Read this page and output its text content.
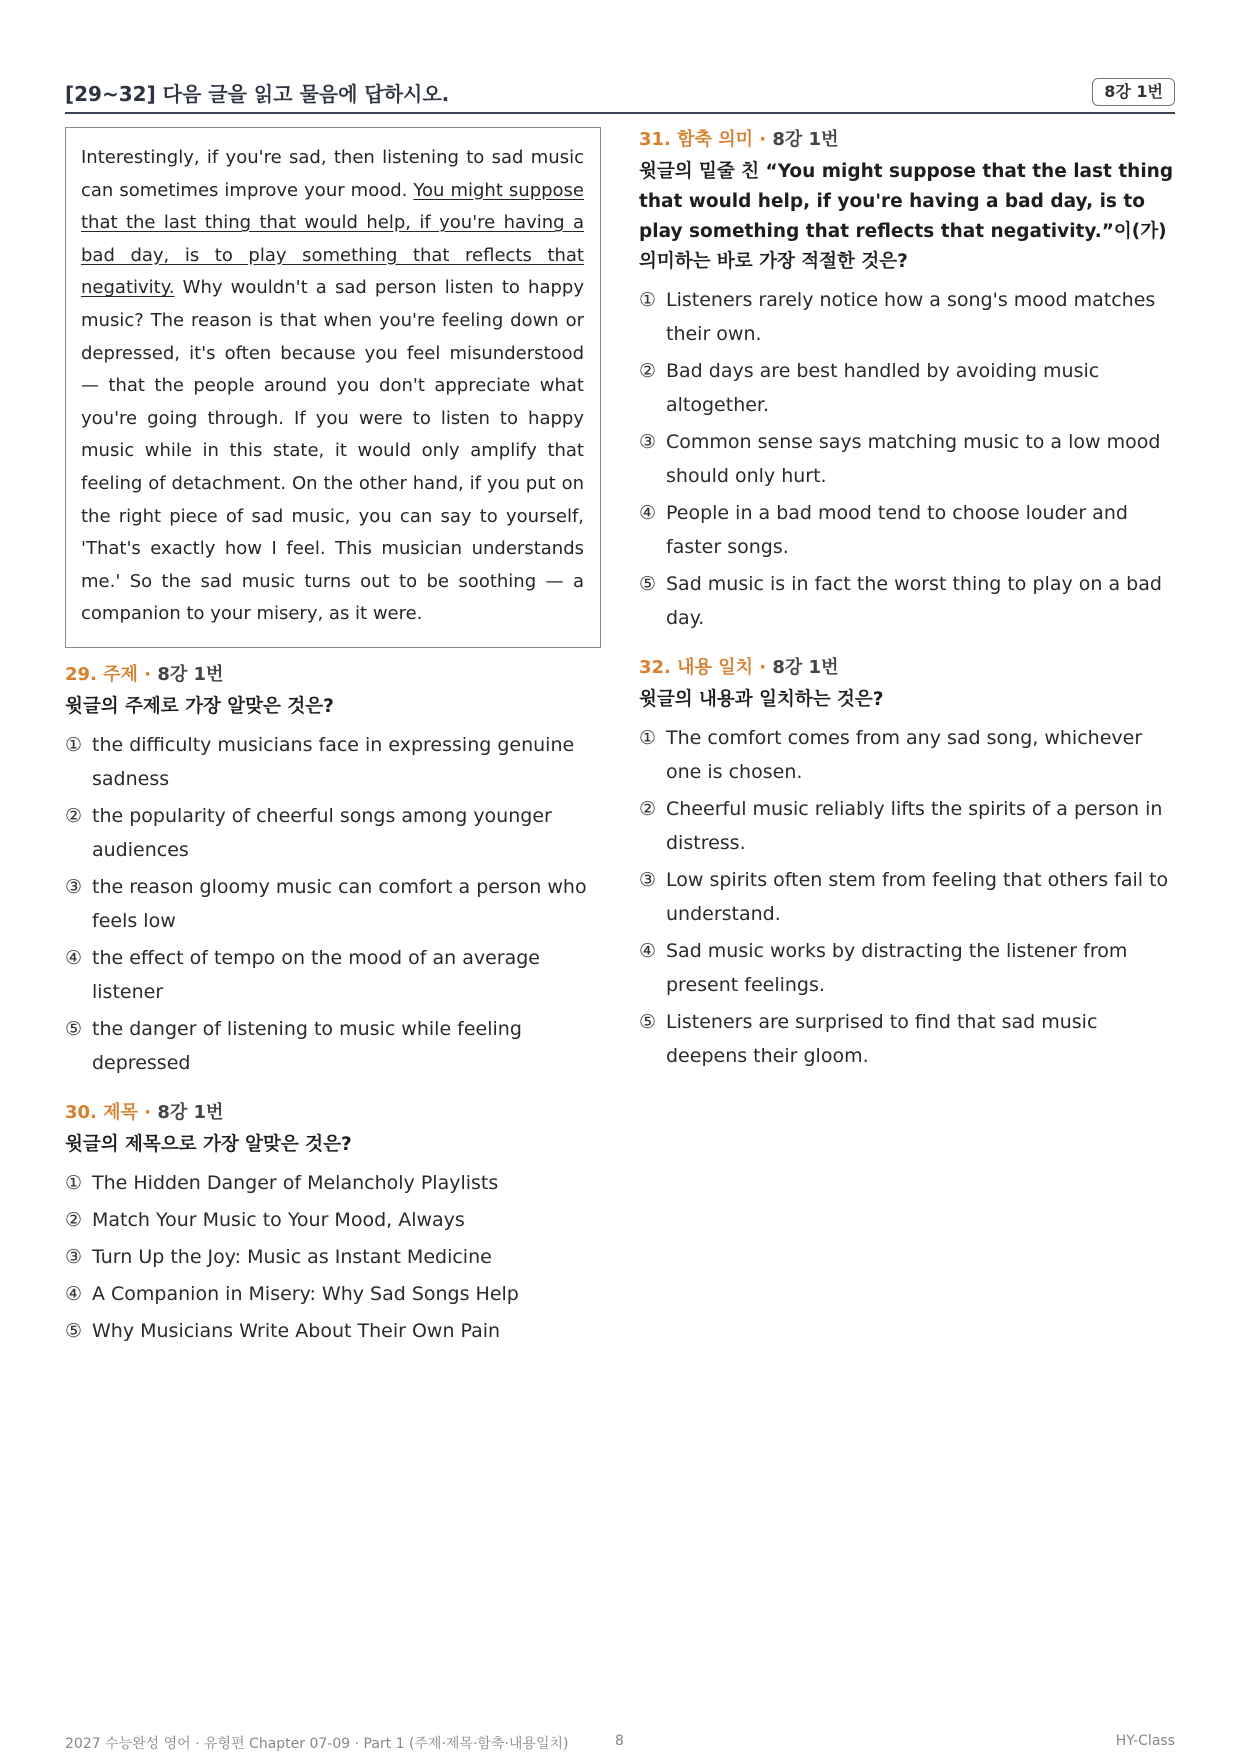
[29~32] 다음 글을 읽고 물음에 답하시오.	8강 1번
Interestingly, if you're sad, then listening to sad music can sometimes improve your mood. You might suppose that the last thing that would help, if you're having a bad day, is to play something that reflects that negativity. Why wouldn't a sad person listen to happy music? The reason is that when you're feeling down or depressed, it's often because you feel misunderstood — that the people around you don't appreciate what you're going through. If you were to listen to happy music while in this state, it would only amplify that feeling of detachment. On the other hand, if you put on the right piece of sad music, you can say to yourself, 'That's exactly how I feel. This musician understands me.' So the sad music turns out to be soothing — a companion to your misery, as it were.

29. 주제 · 8강 1번

윗글의 주제로 가장 알맞은 것은?
① the difficulty musicians face in expressing genuine sadness
② the popularity of cheerful songs among younger audiences
③ the reason gloomy music can comfort a person who feels low
④ the effect of tempo on the mood of an average listener
⑤ the danger of listening to music while feeling depressed

30. 제목 · 8강 1번

윗글의 제목으로 가장 알맞은 것은?
① The Hidden Danger of Melancholy Playlists
② Match Your Music to Your Mood, Always
③ Turn Up the Joy: Music as Instant Medicine
④ A Companion in Misery: Why Sad Songs Help
⑤ Why Musicians Write About Their Own Pain

31. 함축 의미 · 8강 1번

윗글의 밑줄 친 “You might suppose that the last thing that would help, if you're having a bad day, is to play something that reflects that negativity.”이(가) 의미하는 바로 가장 적절한 것은?
① Listeners rarely notice how a song's mood matches their own.
② Bad days are best handled by avoiding music altogether.
③ Common sense says matching music to a low mood should only hurt.
④ People in a bad mood tend to choose louder and faster songs.
⑤ Sad music is in fact the worst thing to play on a bad day.

32. 내용 일치 · 8강 1번

윗글의 내용과 일치하는 것은?
① The comfort comes from any sad song, whichever one is chosen.
② Cheerful music reliably lifts the spirits of a person in distress.
③ Low spirits often stem from feeling that others fail to understand.
④ Sad music works by distracting the listener from present feelings.
⑤ Listeners are surprised to find that sad music deepens their gloom.
2027 수능완성 영어 · 유형편 Chapter 07-09 · Part 1 (주제·제목·함축·내용일치)	8	HY-Class
